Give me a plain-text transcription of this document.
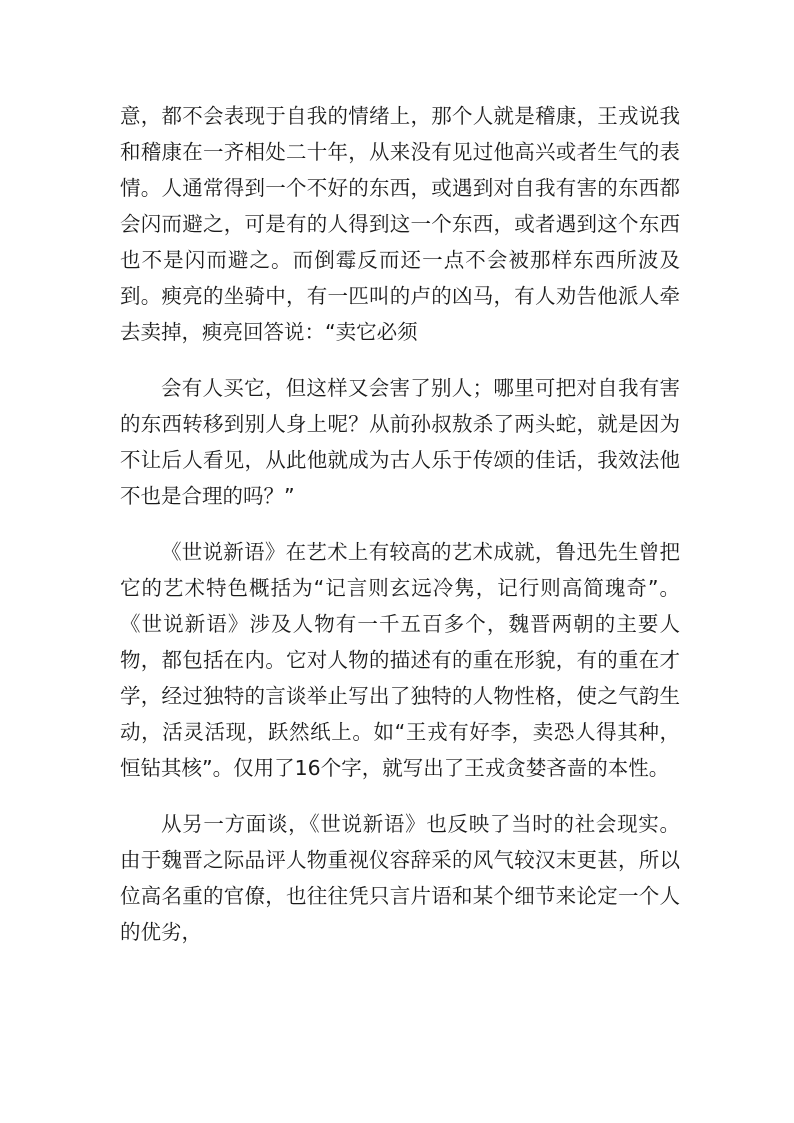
意，都不会表现于自我的情绪上，那个人就是稽康，王戎说我和稽康在一齐相处二十年，从来没有见过他高兴或者生气的表情。人通常得到一个不好的东西，或遇到对自我有害的东西都会闪而避之，可是有的人得到这一个东西，或者遇到这个东西也不是闪而避之。而倒霉反而还一点不会被那样东西所波及到。瘐亮的坐骑中，有一匹叫的卢的凶马，有人劝告他派人牵去卖掉，瘐亮回答说：“卖它必须

会有人买它，但这样又会害了别人；哪里可把对自我有害的东西转移到别人身上呢？从前孙叔敖杀了两头蛇，就是因为不让后人看见，从此他就成为古人乐于传颂的佳话，我效法他不也是合理的吗？”

《世说新语》在艺术上有较高的艺术成就，鲁迅先生曾把它的艺术特色概括为“记言则玄远冷隽，记行则高简瑰奇”。《世说新语》涉及人物有一千五百多个，魏晋两朝的主要人物，都包括在内。它对人物的描述有的重在形貌，有的重在才学，经过独特的言谈举止写出了独特的人物性格，使之气韵生动，活灵活现，跃然纸上。如“王戎有好李，卖恐人得其种，恒钻其核”。仅用了16个字，就写出了王戎贪婪吝啬的本性。

从另一方面谈，《世说新语》也反映了当时的社会现实。由于魏晋之际品评人物重视仪容辞采的风气较汉末更甚，所以位高名重的官僚，也往往凭只言片语和某个细节来论定一个人的优劣，
